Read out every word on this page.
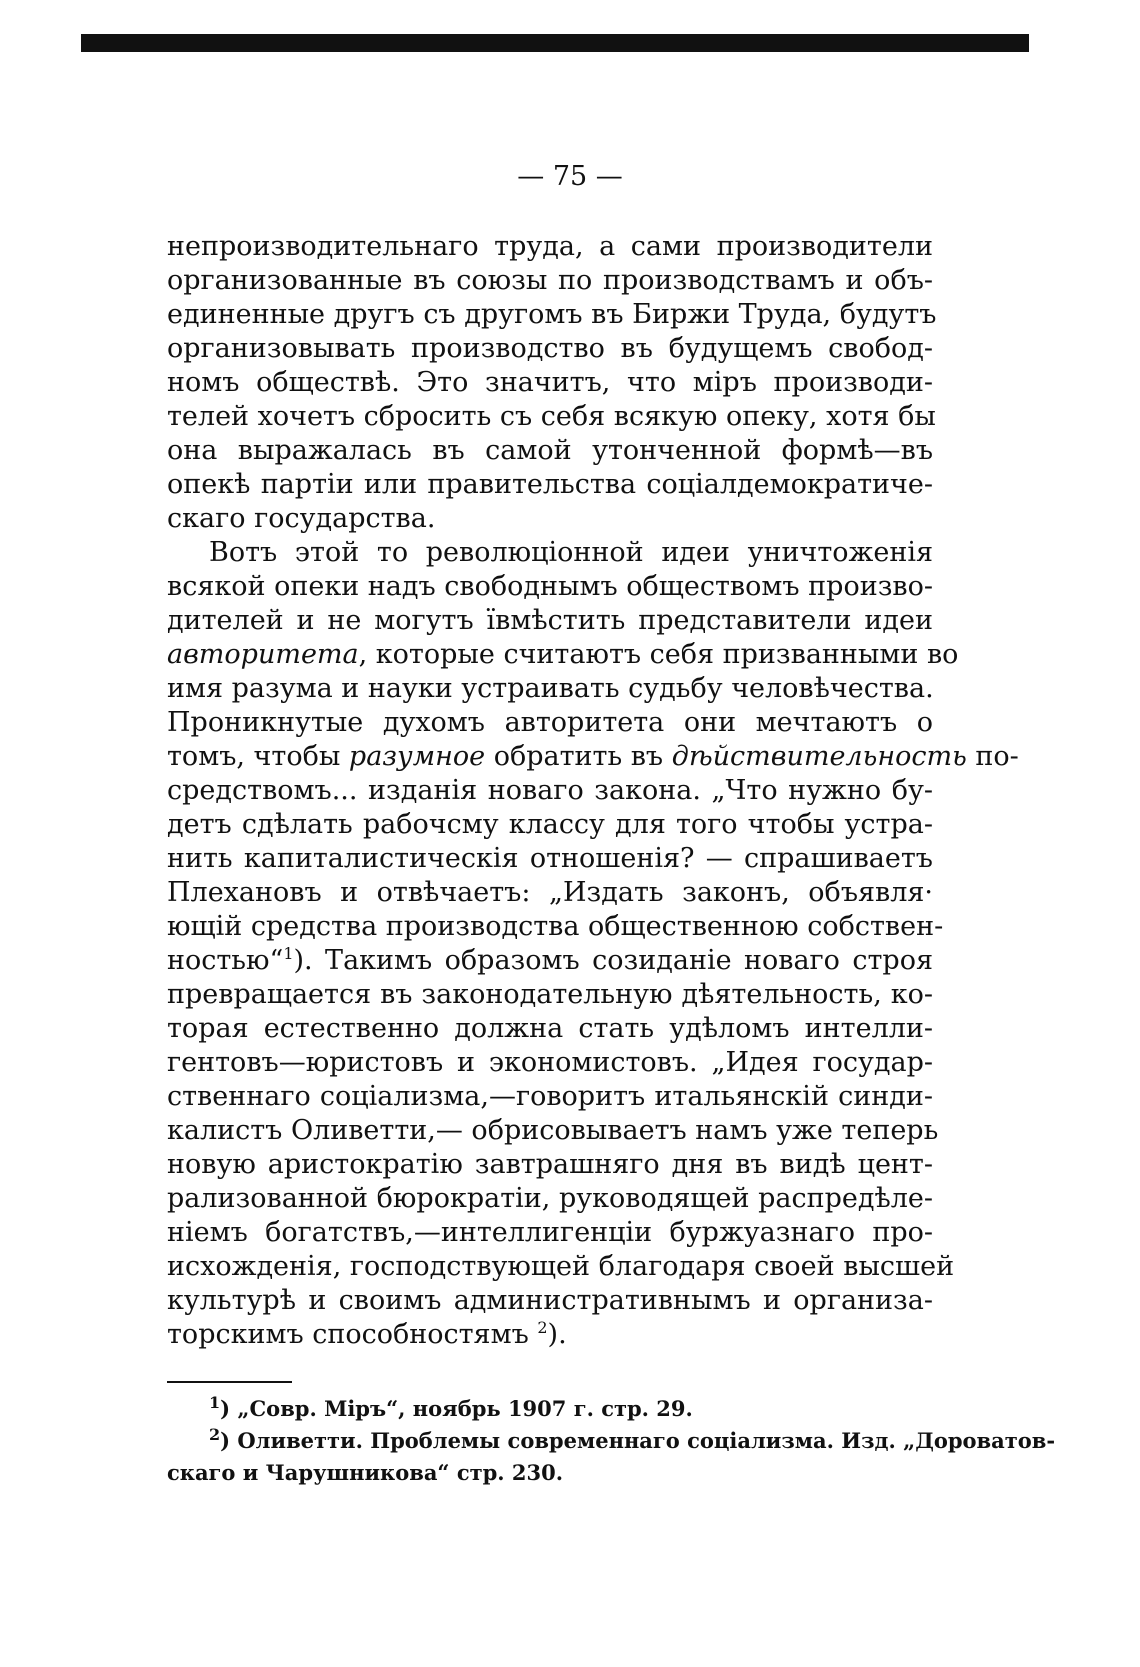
— 75 —
непроизводительнаго труда, а сами производители
организованные въ союзы по производствамъ и объ-
единенные другъ съ другомъ въ Биржи Труда, будутъ
организовывать производство въ будущемъ свобод-
номъ обществѣ. Это значитъ, что міръ производи-
телей хочетъ сбросить съ себя всякую опеку, хотя бы
она выражалась въ самой утонченной формѣ—въ
опекѣ партіи или правительства соціалдемократиче-
скаго государства.
Вотъ этой то революціонной идеи уничтоженія
всякой опеки надъ свободнымъ обществомъ произво-
дителей и не могутъ ївмѣстить представители идеи
авторитета, которые считаютъ себя призванными во
имя разума и науки устраивать судьбу человѣчества.
Проникнутые духомъ авторитета они мечтаютъ о
томъ, чтобы разумное обратить въ дѣйствительность по-
средствомъ... изданія новаго закона. „Что нужно бу-
детъ сдѣлать рабочсму классу для того чтобы устра-
нить капиталистическія отношенія? — спрашиваетъ
Плехановъ и отвѣчаетъ: „Издать законъ, объявля·
ющій средства производства общественною собствен-
ностью“$^1$). Такимъ образомъ созиданіе новаго строя
превращается въ законодательную дѣятельность, ко-
торая естественно должна стать удѣломъ интелли-
гентовъ—юристовъ и экономистовъ. „Идея государ-
ственнаго соціализма,—говоритъ итальянскій синди-
калистъ Оливетти,— обрисовываетъ намъ уже теперь
новую аристократію завтрашняго дня въ видѣ цент-
рализованной бюрократіи, руководящей распредѣле-
ніемъ богатствъ,—интеллигенціи буржуазнаго про-
исхожденія, господствующей благодаря своей высшей
культурѣ и своимъ административнымъ и организа-
торскимъ способностямъ $^2$).
$^1$) „Совр. Міръ“, ноябрь 1907 г. стр. 29.
$^2$) Оливетти. Проблемы современнаго соціализма. Изд. „Дороватов-
скаго и Чарушникова“ стр. 230.
